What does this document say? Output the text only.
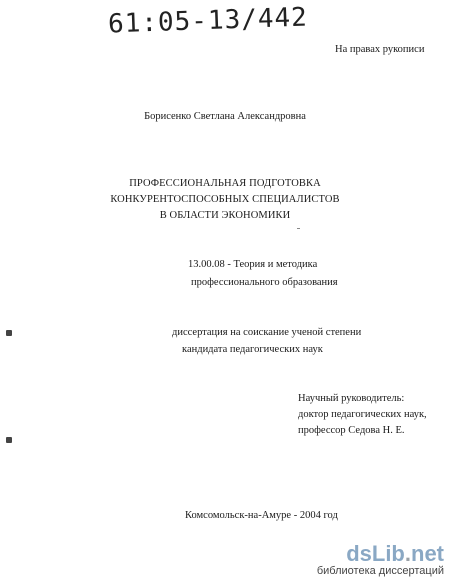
61:05-13/442
На правах рукописи
Борисенко Светлана Александровна
ПРОФЕССИОНАЛЬНАЯ ПОДГОТОВКА
КОНКУРЕНТОСПОСОБНЫХ СПЕЦИАЛИСТОВ
В ОБЛАСТИ ЭКОНОМИКИ
13.00.08 - Теория и методика
профессионального образования
диссертация на соискание ученой степени
кандидата педагогических наук
Научный руководитель:
доктор педагогических наук,
профессор Седова Н. Е.
Комсомольск-на-Амуре - 2004 год
dsLib.net
библиотека диссертаций
